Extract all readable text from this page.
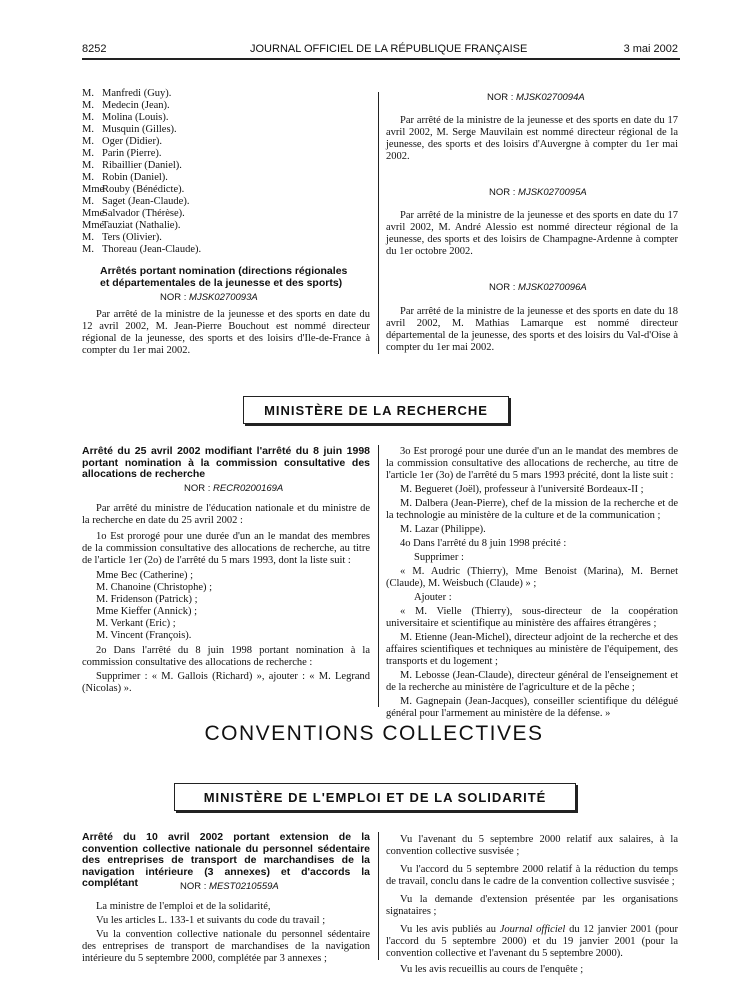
8252	JOURNAL OFFICIEL DE LA RÉPUBLIQUE FRANÇAISE	3 mai 2002
M. Manfredi (Guy).
M. Medecin (Jean).
M. Molina (Louis).
M. Musquin (Gilles).
M. Oger (Didier).
M. Parin (Pierre).
M. Ribaillier (Daniel).
M. Robin (Daniel).
MmeRouby (Bénédicte).
M. Saget (Jean-Claude).
MmeSalvador (Thérèse).
MmeTauziat (Nathalie).
M. Ters (Olivier).
M. Thoreau (Jean-Claude).
Arrêtés portant nomination (directions régionales
et départementales de la jeunesse et des sports)
NOR : MJSK0270093A
Par arrêté de la ministre de la jeunesse et des sports en date du 12 avril 2002, M. Jean-Pierre Bouchout est nommé directeur régional de la jeunesse, des sports et des loisirs d'Ile-de-France à compter du 1er mai 2002.
NOR : MJSK0270094A
Par arrêté de la ministre de la jeunesse et des sports en date du 17 avril 2002, M. Serge Mauvilain est nommé directeur régional de la jeunesse, des sports et des loisirs d'Auvergne à compter du 1er mai 2002.
NOR : MJSK0270095A
Par arrêté de la ministre de la jeunesse et des sports en date du 17 avril 2002, M. André Alessio est nommé directeur régional de la jeunesse, des sports et des loisirs de Champagne-Ardenne à compter du 1er octobre 2002.
NOR : MJSK0270096A
Par arrêté de la ministre de la jeunesse et des sports en date du 18 avril 2002, M. Mathias Lamarque est nommé directeur départemental de la jeunesse, des sports et des loisirs du Val-d'Oise à compter du 1er mai 2002.
MINISTÈRE DE LA RECHERCHE
Arrêté du 25 avril 2002 modifiant l'arrêté du 8 juin 1998 portant nomination à la commission consultative des allocations de recherche
NOR : RECR0200169A

Par arrêté du ministre de l'éducation nationale et du ministre de la recherche en date du 25 avril 2002 :

1o Est prorogé pour une durée d'un an le mandat des membres de la commission consultative des allocations de recherche, au titre de l'article 1er (2o) de l'arrêté du 5 mars 1993, dont la liste suit :

Mme Bec (Catherine) ;
M. Chanoine (Christophe) ;
M. Fridenson (Patrick) ;
Mme Kieffer (Annick) ;
M. Verkant (Eric) ;
M. Vincent (François).

2o Dans l'arrêté du 8 juin 1998 portant nomination à la commission consultative des allocations de recherche :

Supprimer : « M. Gallois (Richard) », ajouter : « M. Legrand (Nicolas) ».

3o Est prorogé pour une durée d'un an le mandat des membres de la commission consultative des allocations de recherche, au titre de l'article 1er (3o) de l'arrêté du 5 mars 1993 précité, dont la liste suit :

M. Begueret (Joël), professeur à l'université Bordeaux-II ;

M. Dalbera (Jean-Pierre), chef de la mission de la recherche et de la technologie au ministère de la culture et de la communication ;

M. Lazar (Philippe).

4o Dans l'arrêté du 8 juin 1998 précité :

Supprimer :

« M. Audric (Thierry), Mme Benoist (Marina), M. Bernet (Claude), M. Weisbuch (Claude) » ;

Ajouter :

« M. Vielle (Thierry), sous-directeur de la coopération universitaire et scientifique au ministère des affaires étrangères ;

M. Etienne (Jean-Michel), directeur adjoint de la recherche et des affaires scientifiques et techniques au ministère de l'équipement, des transports et du logement ;

M. Lebosse (Jean-Claude), directeur général de l'enseignement et de la recherche au ministère de l'agriculture et de la pêche ;

M. Gagnepain (Jean-Jacques), conseiller scientifique du délégué général pour l'armement au ministère de la défense. »

CONVENTIONS COLLECTIVES
MINISTÈRE DE L'EMPLOI ET DE LA SOLIDARITÉ
Arrêté du 10 avril 2002 portant extension de la convention collective nationale du personnel sédentaire des entreprises de transport de marchandises de la navigation intérieure (3 annexes) et d'accords la complétant	NOR : MEST0210559A

La ministre de l'emploi et de la solidarité,

Vu les articles L. 133-1 et suivants du code du travail ;

Vu la convention collective nationale du personnel sédentaire des entreprises de transport de marchandises de la navigation intérieure du 5 septembre 2000, complétée par 3 annexes ;

Vu l'avenant du 5 septembre 2000 relatif aux salaires, à la convention collective susvisée ;

Vu l'accord du 5 septembre 2000 relatif à la réduction du temps de travail, conclu dans le cadre de la convention collective susvisée ;

Vu la demande d'extension présentée par les organisations signataires ;

Vu les avis publiés au Journal officiel du 12 janvier 2001 (pour l'accord du 5 septembre 2000) et du 19 janvier 2001 (pour la convention collective et l'avenant du 5 septembre 2000).

Vu les avis recueillis au cours de l'enquête ;
